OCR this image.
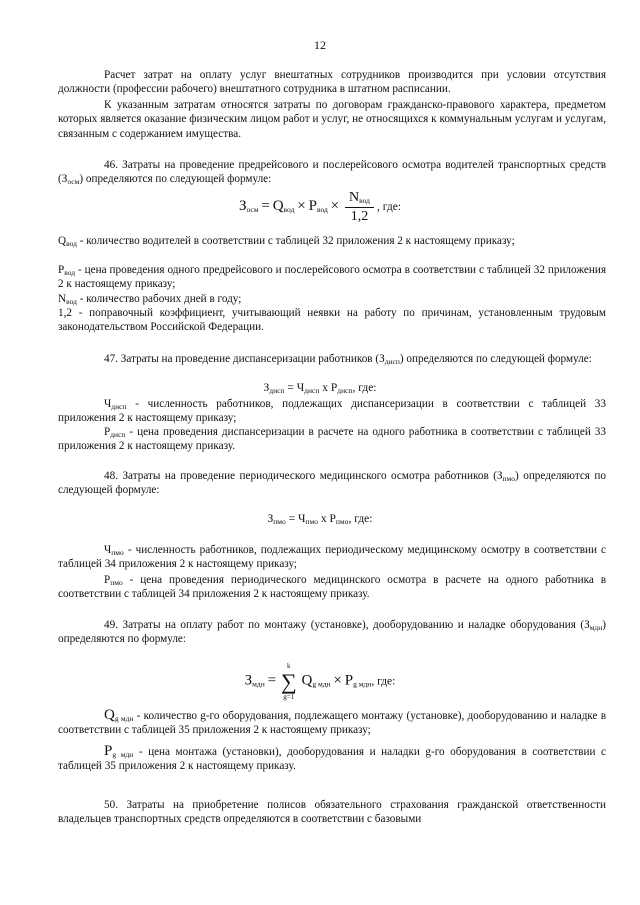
12

Расчет затрат на оплату услуг внештатных сотрудников производится при условии отсутствия должности (профессии рабочего) внештатного сотрудника в штатном расписании.

К указанным затратам относятся затраты по договорам гражданско-правового характера, предметом которых является оказание физическим лицом работ и услуг, не относящихся к коммунальным услугам и услугам, связанным с содержанием имущества.

46. Затраты на проведение предрейсового и послерейсового осмотра водителей транспортных средств $(З_{осм})$ определяются по следующей формуле:

$З_{осм} = Q_{вод} \times P_{вод} \times \frac{N_{вод}}{1,2}$ , где:

$Q_{вод}$ - количество водителей в соответствии с таблицей 32 приложения 2 к настоящему приказу;

$P_{вод}$ - цена проведения одного предрейсового и послерейсового осмотра в соответствии с таблицей 32 приложения 2 к настоящему приказу;

$N_{вод}$ - количество рабочих дней в году;

1,2 - поправочный коэффициент, учитывающий неявки на работу по причинам, установленным трудовым законодательством Российской Федерации.

47. Затраты на проведение диспансеризации работников $(З_{дисп})$ определяются по следующей формуле:

$З_{дисп} = Ч_{дисп}$ х $Р_{дисп}$, где:

$Ч_{дисп}$ - численность работников, подлежащих диспансеризации в соответствии с таблицей 33 приложения 2 к настоящему приказу;

$Р_{дисп}$ - цена проведения диспансеризации в расчете на одного работника в соответствии с таблицей 33 приложения 2 к настоящему приказу.

48. Затраты на проведение периодического медицинского осмотра работников $(З_{пмо})$ определяются по следующей формуле:

$З_{пмо} = Ч_{пмо}$ х $Р_{пмо}$, где:

$Ч_{пмо}$ - численность работников, подлежащих периодическому медицинскому осмотру в соответствии с таблицей 34 приложения 2 к настоящему приказу;

$Р_{пмо}$ - цена проведения периодического медицинского осмотра в расчете на одного работника в соответствии с таблицей 34 приложения 2 к настоящему приказу.

49. Затраты на оплату работ по монтажу (установке), дооборудованию и наладке оборудования $(З_{мдн})$ определяются по формуле:

$З_{мдн}$ =
k
∑
g=1
$Q_{g мдн} \times P_{g мдн}$, где:

$Q_{g мдн}$ - количество g-го оборудования, подлежащего монтажу (установке), дооборудованию и наладке в соответствии с таблицей 35 приложения 2 к настоящему приказу;

$P_{g мдн}$ - цена монтажа (установки), дооборудования и наладки g-го оборудования в соответствии с таблицей 35 приложения 2 к настоящему приказу.

50. Затраты на приобретение полисов обязательного страхования гражданской ответственности владельцев транспортных средств определяются в соответствии с базовыми
